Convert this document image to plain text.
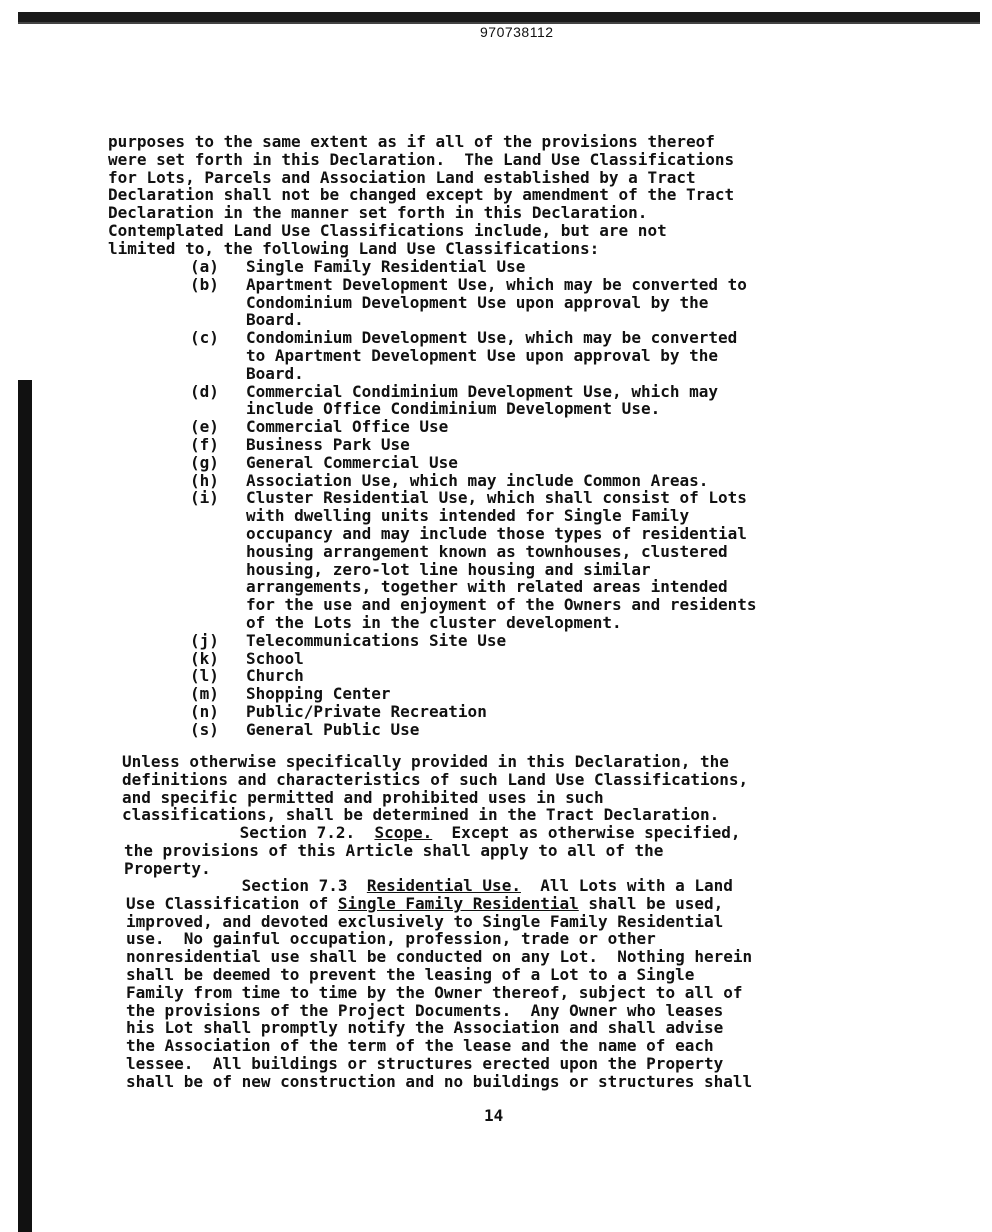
970738112
purposes to the same extent as if all of the provisions thereof
were set forth in this Declaration.  The Land Use Classifications
for Lots, Parcels and Association Land established by a Tract
Declaration shall not be changed except by amendment of the Tract
Declaration in the manner set forth in this Declaration.
Contemplated Land Use Classifications include, but are not
limited to, the following Land Use Classifications:
(a)	Single Family Residential Use
(b)	Apartment Development Use, which may be converted to
Condominium Development Use upon approval by the
Board.
(c)	Condominium Development Use, which may be converted
to Apartment Development Use upon approval by the
Board.
(d)	Commercial Condiminium Development Use, which may
include Office Condiminium Development Use.
(e)	Commercial Office Use
(f)	Business Park Use
(g)	General Commercial Use
(h)	Association Use, which may include Common Areas.
(i)	Cluster Residential Use, which shall consist of Lots
with dwelling units intended for Single Family
occupancy and may include those types of residential
housing arrangement known as townhouses, clustered
housing, zero-lot line housing and similar
arrangements, together with related areas intended
for the use and enjoyment of the Owners and residents
of the Lots in the cluster development.
(j)	Telecommunications Site Use
(k)	School
(l)	Church
(m)	Shopping Center
(n)	Public/Private Recreation
(s)	General Public Use
Unless otherwise specifically provided in this Declaration, the
definitions and characteristics of such Land Use Classifications,
and specific permitted and prohibited uses in such
classifications, shall be determined in the Tract Declaration.
Section 7.2. Scope. Except as otherwise specified,
the provisions of this Article shall apply to all of the
Property.
Section 7.3 Residential Use. All Lots with a Land
Use Classification of Single Family Residential shall be used,
improved, and devoted exclusively to Single Family Residential
use.  No gainful occupation, profession, trade or other
nonresidential use shall be conducted on any Lot.  Nothing herein
shall be deemed to prevent the leasing of a Lot to a Single
Family from time to time by the Owner thereof, subject to all of
the provisions of the Project Documents.  Any Owner who leases
his Lot shall promptly notify the Association and shall advise
the Association of the term of the lease and the name of each
lessee.  All buildings or structures erected upon the Property
shall be of new construction and no buildings or structures shall
14
